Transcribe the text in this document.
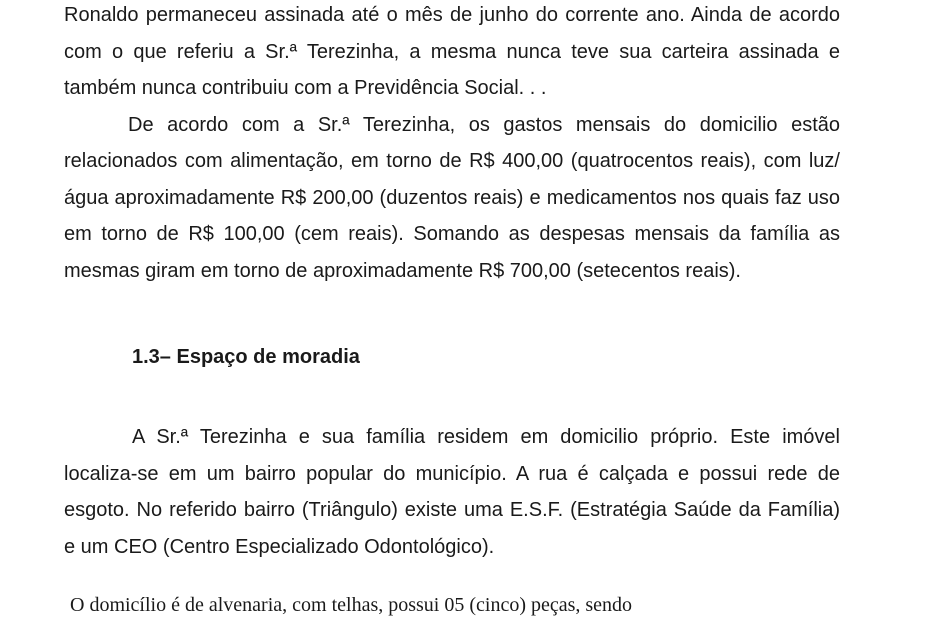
Ronaldo permaneceu assinada até o mês de junho do corrente ano. Ainda de acordo com o que referiu a Sr.ª Terezinha, a mesma nunca teve sua carteira assinada e também nunca contribuiu com a Previdência Social. . .

De acordo com a Sr.ª Terezinha, os gastos mensais do domicilio estão relacionados com alimentação, em torno de R$ 400,00 (quatrocentos reais), com luz/água aproximadamente R$ 200,00 (duzentos reais) e medicamentos nos quais faz uso em torno de R$ 100,00 (cem reais). Somando as despesas mensais da família as mesmas giram em torno de aproximadamente R$ 700,00 (setecentos reais).

1.3– Espaço de moradia

A Sr.ª Terezinha e sua família residem em domicilio próprio. Este imóvel localiza-se em um bairro popular do município. A rua é calçada e possui rede de esgoto. No referido bairro (Triângulo) existe uma E.S.F. (Estratégia Saúde da Família) e um CEO (Centro Especializado Odontológico).

O domicílio é de alvenaria, com telhas, possui 05 (cinco) peças, sendo
